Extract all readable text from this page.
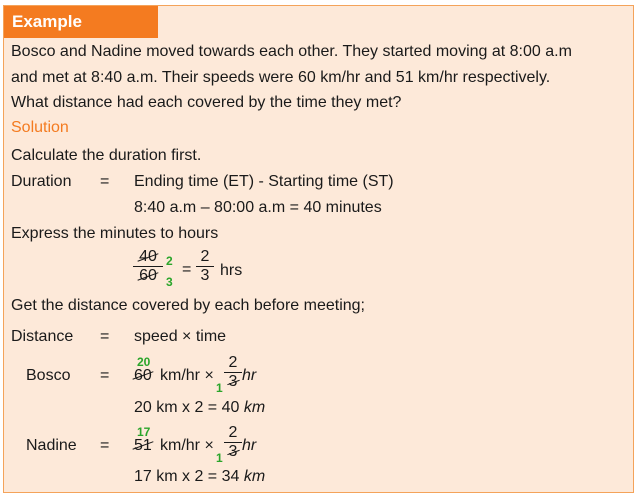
Example
Bosco and Nadine moved towards each other. They started moving at 8:00 a.m
and met at 8:40 a.m. Their speeds were 60 km/hr and 51 km/hr respectively.
What distance had each covered by the time they met?
Solution
Calculate the duration first.
Duration = Ending time (ET) - Starting time (ST)
8:40 a.m – 80:00 a.m = 40 minutes
Express the minutes to hours
$\frac{40}{60} 2$
3
= $\frac{2}{3}$ hrs
Get the distance covered by each before meeting;
Distance = speed × time
Bosco =
20
60 $km/hr \times \frac{2}{3}$
1
hr
20 km x 2 = 40 km
Nadine =
17
51 $km/hr \times \frac{2}{3}$
1
hr
17 km x 2 = 34 km
